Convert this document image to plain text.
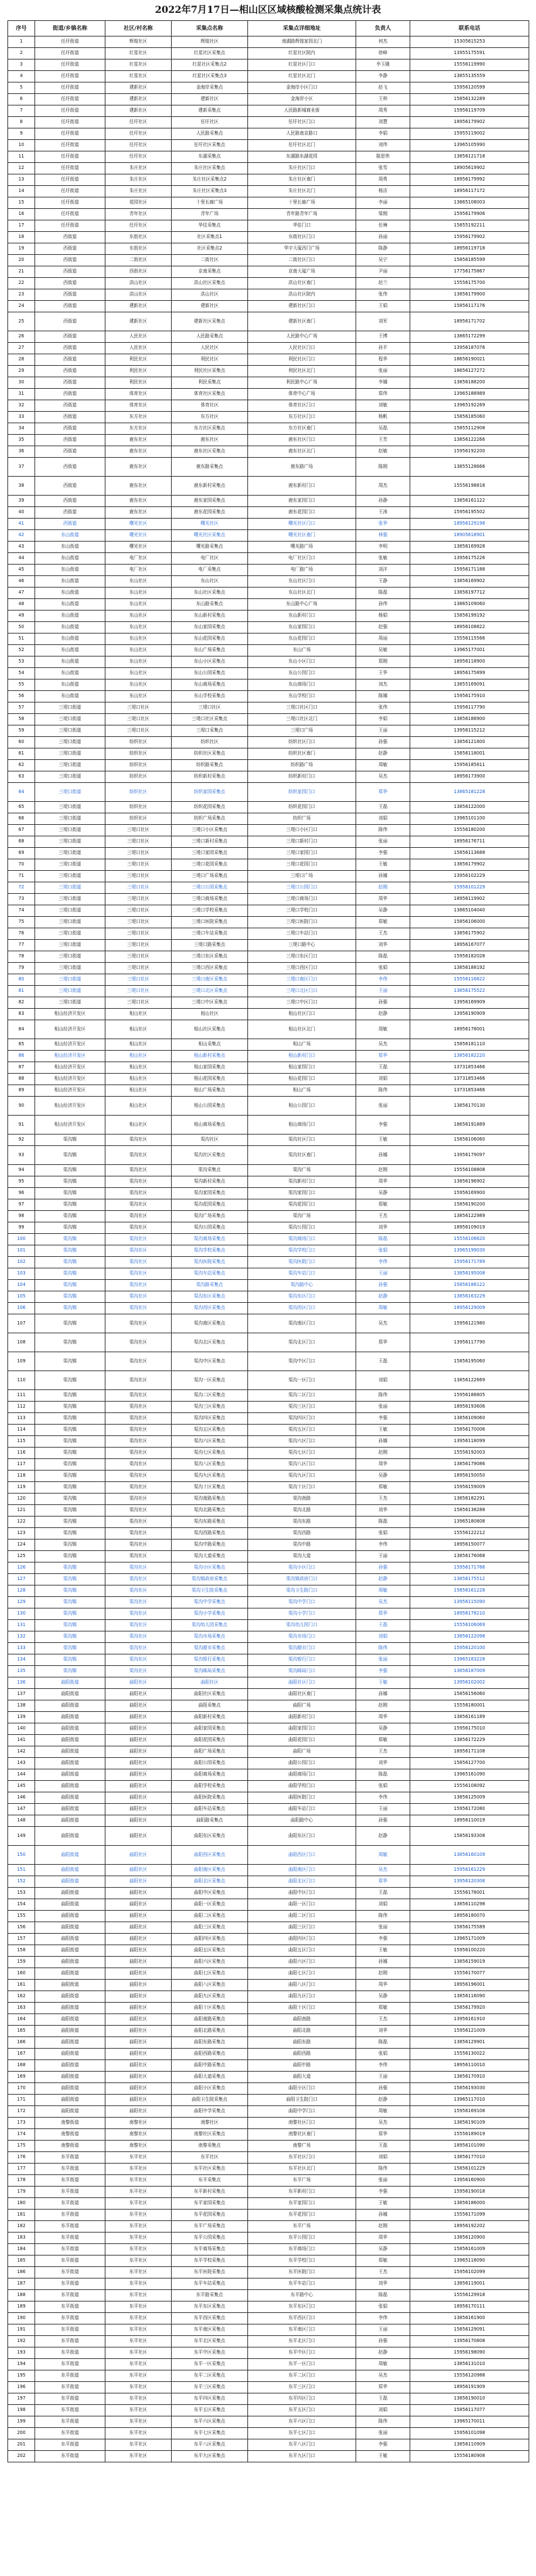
2022年7月17日—相山区区域核酸检测采集点统计表
序号	街道/乡镇名称	社区/村名称	采集点名称	采集点详细地址	负责人	联系电话
1	任圩街道	辉煌社区	辉煌社区	南湖路辉煌家园北门	何杰	15305615253
2	任圩街道	红星社区	红星社区采集点	红星社区院内	徐峰	13955175591
3	任圩街道	红星社区	红星社区采集点2	红星社区门口	李玉娥	15556119990
4	任圩街道	红星社区	红星社区采集点3	红星社区北门	李静	13855135559
5	任圩街道	建新社区	金海岸采集点	金海岸小区门口	赵飞	15956120599
6	任圩街道	建新社区	建新社区	金海岸小区	王帅	15856132289
7	任圩街道	建新社区	建新采集点	人民路新城商业街	周秀	15956119709
8	任圩街道	任圩社区	任圩社区	任圩社区门口	刘慧	18956179902
9	任圩街道	任圩社区	人民路采集点	人民路南京路口	李娟	15955119002
10	任圩街道	任圩社区	任圩社区采集点	任圩社区北门	刘伟	13965105990
11	任圩街道	任圩社区	东湖采集点	东湖路东湖花园	陈思伟	13856121718
12	任圩街道	朱庄社区	朱庄社区采集点	朱庄社区门口	张雪	18905619902
13	任圩街道	朱庄社区	朱庄社区采集点2	朱庄社区南门	周勇	18956179992
14	任圩街道	朱庄社区	朱庄社区采集点3	朱庄社区北门	杨洁	18956117172
15	任圩街道	花园社区	十里长廊广场	十里长廊广场	李丽	13865108003
16	任圩街道	青年社区	青年广场	青年路青年广场	梁刚	15956179906
17	任圩街道	任圩社区	华佳采集点	华佳门口	任琳	15855192211
18	西街道	东街社区	社区采集点1	东街社区门口	孙丽	15956179902
19	西街道	东街社区	社区采集点2	华宇大厦西门广场	陈静	18956119718
20	西街道	二街社区	二街社区	二街社区门口	吴宁	15856185599
21	西街道	西街社区	京南采集点	京南大厦广场	尹丽	17756175867
22	西街道	洪山社区	洪山社区采集点	洪山社区南门	赵兰	15556175700
23	西街道	洪山社区	洪山社区	洪山社区院内	张伟	13856179900
24	西街道	建新社区	建新社区	建新社区门口	王娟	15856117176
25	西街道	建新社区	建新社区采集点	建新社区南门	刘军	18956171702
26	西街道	人民社区	人民路采集点	人民路中心广场	王博	13865172299
27	西街道	人民社区	人民社区	人民社区门口	孙平	13956187076
28	西街道	利民社区	利民社区	利民社区门口	程华	18656190021
29	西街道	利民社区	利民社区采集点	利民社区北门	张丽	18656127272
30	西街道	利民社区	利民采集点	利民路中心广场	李娜	13856188200
31	西街道	体育社区	体育社区采集点	体育中心广场	郑伟	13965188989
32	西街道	体育社区	体育社区	体育社区门口	刘敏	13965192269
33	西街道	东方社区	东方社区	东方社区门口	杨帆	15856185060
34	西街道	东方社区	东方社区采集点	东方社区南门	吴磊	15855112908
35	西街道	鹿东社区	鹿东社区	鹿东社区门口	王芳	13856122266
36	西街道	鹿东社区	鹿东社区采集点	鹿东社区北门	赵敏	15956192200
37	西街道	鹿东社区	鹿东路采集点	鹿东路广场	陈刚	13855128666
38	西街道	鹿东社区	鹿东新村采集点	鹿东新村门口	周杰	15556198818
39	西街道	鹿东社区	鹿东家园采集点	鹿东家园门口	孙静	13856161122
40	西街道	鹿东社区	鹿东花园采集点	鹿东花园门口	王涛	15956195502
41	西街道	曙光社区	曙光社区	曙光社区门口	张华	18956129198
42	东山街道	曙光社区	曙光社区采集点	曙光社区南门	林强	18905618901
43	东山街道	曙光社区	曙光路采集点	曙光路广场	李明	13856169928
44	东山街道	电厂社区	电厂社区	电厂社区门口	张敏	13956175226
45	东山街道	电厂社区	电厂采集点	电厂路广场	刘洋	15956171188
46	东山街道	东山社区	东山社区	东山社区门口	王静	13856169902
47	东山街道	东山社区	东山社区采集点	东山社区北门	陈磊	13856197712
48	东山街道	东山社区	东山路采集点	东山路中心广场	孙伟	13865109060
49	东山街道	东山社区	东山新村采集点	东山新村门口	杨娟	15856199192
50	东山街道	东山社区	东山家园采集点	东山家园门口	赵强	18956108822
51	东山街道	东山社区	东山花园采集点	东山花园门口	周丽	15556115566
52	东山街道	东山社区	东山广场采集点	东山广场	吴敏	13965177001
53	东山街道	东山社区	东山小区采集点	东山小区门口	郑刚	18956118900
54	东山街道	东山社区	东山公园采集点	东山公园门口	王华	18956175899
55	东山街道	东山社区	东山商场采集点	东山商场门口	刘杰	13855169091
56	东山街道	东山社区	东山学校采集点	东山学校门口	陈娜	15956175910
57	三堤口街道	三堤口社区	三堤口社区	三堤口社区门口	张伟	15956117790
58	三堤口街道	三堤口社区	三堤口社区采集点	三堤口社区北门	李娟	13856188900
59	三堤口街道	三堤口社区	三堤口采集点	三堤口广场	王丽	13956115212
60	三堤口街道	纺织社区	纺织社区	纺织社区门口	孙强	13856121800
61	三堤口街道	纺织社区	纺织社区采集点	纺织社区南门	赵静	15856118001
62	三堤口街道	纺织社区	纺织路采集点	纺织路广场	周敏	15956185811
63	三堤口街道	纺织社区	纺织新村采集点	纺织新村门口	吴杰	18956173900
64	三堤口街道	纺织社区	纺织家园采集点	纺织家园门口	郑华	13865181228
65	三堤口街道	纺织社区	纺织花园采集点	纺织花园门口	王磊	13856122000
66	三堤口街道	纺织社区	纺织广场采集点	纺织广场	刘娟	13965101100
67	三堤口街道	三堤口社区	三堤口小区采集点	三堤口小区门口	陈伟	15556180200
68	三堤口街道	三堤口社区	三堤口新村采集点	三堤口新村门口	张丽	18956176711
69	三堤口街道	三堤口社区	三堤口家园采集点	三堤口家园门口	李强	15856113688
70	三堤口街道	三堤口社区	三堤口花园采集点	三堤口花园门口	王敏	13856179902
71	三堤口街道	三堤口社区	三堤口广场采集点	三堤口广场	孙娜	13956102229
72	三堤口街道	三堤口社区	三堤口公园采集点	三堤口公园门口	赵刚	15956101229
73	三堤口街道	三堤口社区	三堤口商场采集点	三堤口商场门口	周华	18956119902
74	三堤口街道	三堤口社区	三堤口学校采集点	三堤口学校门口	吴静	13865104040
75	三堤口街道	三堤口社区	三堤口医院采集点	三堤口医院门口	郑敏	15856106000
76	三堤口街道	三堤口社区	三堤口车站采集点	三堤口车站门口	王杰	13856175902
77	三堤口街道	三堤口社区	三堤口路采集点	三堤口路中心	刘华	18956167077
78	三堤口街道	三堤口社区	三堤口东区采集点	三堤口东区门口	陈磊	15956182028
79	三堤口街道	三堤口社区	三堤口西区采集点	三堤口西区门口	张娟	13856188192
80	三堤口街道	三堤口社区	三堤口南区采集点	三堤口南区门口	李伟	15556116622
81	三堤口街道	三堤口社区	三堤口北区采集点	三堤口北区门口	王丽	13856175522
82	三堤口街道	三堤口社区	三堤口中区采集点	三堤口中区门口	孙强	13956169909
83	相山经济开发区	相山社区	相山社区	相山社区门口	赵静	13956190909
84	相山经济开发区	相山社区	相山社区采集点	相山社区北门	周敏	18956178001
85	相山经济开发区	相山社区	相山采集点	相山广场	吴杰	15856181110
86	相山经济开发区	相山社区	相山新村采集点	相山新村门口	郑华	13856182220
87	相山经济开发区	相山社区	相山家园采集点	相山家园门口	王磊	13731853466
88	相山经济开发区	相山社区	相山花园采集点	相山花园门口	刘娟	13731853466
89	相山经济开发区	相山社区	相山广场采集点	相山广场	陈伟	13731853466
90	相山经济开发区	相山社区	相山公园采集点	相山公园门口	张丽	13856170130
91	相山经济开发区	相山社区	相山商场采集点	相山商场门口	李强	18656191889
92	渠沟镇	渠沟社区	渠沟社区	渠沟社区门口	王敏	15856106060
93	渠沟镇	渠沟社区	渠沟社区采集点	渠沟社区南门	孙娜	13956179097
94	渠沟镇	渠沟社区	渠沟采集点	渠沟广场	赵刚	15556108808
95	渠沟镇	渠沟社区	渠沟新村采集点	渠沟新村门口	周华	13856196902
96	渠沟镇	渠沟社区	渠沟家园采集点	渠沟家园门口	吴静	15956169900
97	渠沟镇	渠沟社区	渠沟花园采集点	渠沟花园门口	郑敏	15856190200
98	渠沟镇	渠沟社区	渠沟广场采集点	渠沟广场	王杰	13856122989
99	渠沟镇	渠沟社区	渠沟公园采集点	渠沟公园门口	刘华	18956109019
100	渠沟镇	渠沟社区	渠沟商场采集点	渠沟商场门口	陈磊	15556106620
101	渠沟镇	渠沟社区	渠沟学校采集点	渠沟学校门口	张娟	13965199030
102	渠沟镇	渠沟社区	渠沟医院采集点	渠沟医院门口	李伟	15956171789
103	渠沟镇	渠沟社区	渠沟车站采集点	渠沟车站门口	王丽	13856195008
104	渠沟镇	渠沟社区	渠沟路采集点	渠沟路中心	孙强	15856188122
105	渠沟镇	渠沟社区	渠沟东区采集点	渠沟东区门口	赵静	13856163229
106	渠沟镇	渠沟社区	渠沟西区采集点	渠沟西区门口	周敏	18956129009
107	渠沟镇	渠沟社区	渠沟南区采集点	渠沟南区门口	吴杰	15956121980
108	渠沟镇	渠沟社区	渠沟北区采集点	渠沟北区门口	郑华	13956117790
109	渠沟镇	渠沟社区	渠沟中区采集点	渠沟中区门口	王磊	15856195060
110	渠沟镇	渠沟社区	渠沟一区采集点	渠沟一区门口	刘娟	13856122669
111	渠沟镇	渠沟社区	渠沟二区采集点	渠沟二区门口	陈伟	15956188805
112	渠沟镇	渠沟社区	渠沟三区采集点	渠沟三区门口	张丽	18956193606
113	渠沟镇	渠沟社区	渠沟四区采集点	渠沟四区门口	李强	13856109060
114	渠沟镇	渠沟社区	渠沟五区采集点	渠沟五区门口	王敏	15856170006
115	渠沟镇	渠沟社区	渠沟六区采集点	渠沟六区门口	孙娜	13956118099
116	渠沟镇	渠沟社区	渠沟七区采集点	渠沟七区门口	赵刚	15556192003
117	渠沟镇	渠沟社区	渠沟八区采集点	渠沟八区门口	周华	13856179086
118	渠沟镇	渠沟社区	渠沟九区采集点	渠沟九区门口	吴静	18956150050
119	渠沟镇	渠沟社区	渠沟十区采集点	渠沟十区门口	郑敏	15956159009
120	渠沟镇	渠沟社区	渠沟南路采集点	渠沟南路	王杰	13856182291
121	渠沟镇	渠沟社区	渠沟北路采集点	渠沟北路	刘华	15856138288
122	渠沟镇	渠沟社区	渠沟东路采集点	渠沟东路	陈磊	13965180808
123	渠沟镇	渠沟社区	渠沟西路采集点	渠沟西路	张娟	15556122212
124	渠沟镇	渠沟社区	渠沟中路采集点	渠沟中路	李伟	18956150077
125	渠沟镇	渠沟社区	渠沟大道采集点	渠沟大道	王丽	13856176068
126	渠沟镇	渠沟社区	渠沟小区采集点	渠沟小区门口	孙强	15956171766
127	渠沟镇	渠沟社区	渠沟镇政府采集点	渠沟镇政府门口	赵静	13856175512
128	渠沟镇	渠沟社区	渠沟卫生院采集点	渠沟卫生院门口	周敏	15856161228
129	渠沟镇	渠沟社区	渠沟中学采集点	渠沟中学门口	吴杰	13956115090
130	渠沟镇	渠沟社区	渠沟小学采集点	渠沟小学门口	郑华	18956178210
131	渠沟镇	渠沟社区	渠沟幼儿园采集点	渠沟幼儿园门口	王磊	15556106069
132	渠沟镇	渠沟社区	渠沟市场采集点	渠沟市场门口	刘娟	13856122098
133	渠沟镇	渠沟社区	渠沟超市采集点	渠沟超市门口	陈伟	15956120100
134	渠沟镇	渠沟社区	渠沟银行采集点	渠沟银行门口	张丽	13965183228
135	渠沟镇	渠沟社区	渠沟邮局采集点	渠沟邮局门口	李强	13856187009
136	曲阳街道	曲阳社区	曲阳社区	曲阳社区门口	王敏	13956102002
137	曲阳街道	曲阳社区	曲阳社区采集点	曲阳社区南门	孙娜	15856156060
138	曲阳街道	曲阳社区	曲阳采集点	曲阳广场	赵刚	15556180001
139	曲阳街道	曲阳社区	曲阳新村采集点	曲阳新村门口	周华	13856161189
140	曲阳街道	曲阳社区	曲阳家园采集点	曲阳家园门口	吴静	15956175010
141	曲阳街道	曲阳社区	曲阳花园采集点	曲阳花园门口	郑敏	13856172229
142	曲阳街道	曲阳社区	曲阳广场采集点	曲阳广场	王杰	18956171108
143	曲阳街道	曲阳社区	曲阳公园采集点	曲阳公园门口	刘华	15856127700
144	曲阳街道	曲阳社区	曲阳商场采集点	曲阳商场门口	陈磊	13965161090
145	曲阳街道	曲阳社区	曲阳学校采集点	曲阳学校门口	张娟	15556108092
146	曲阳街道	曲阳社区	曲阳医院采集点	曲阳医院门口	李伟	13856125009
147	曲阳街道	曲阳社区	曲阳车站采集点	曲阳车站门口	王丽	15956172080
148	曲阳街道	曲阳社区	曲阳路采集点	曲阳路中心	孙强	18956110019
149	曲阳街道	曲阳社区	曲阳东区采集点	曲阳东区门口	赵静	15856193308
150	曲阳街道	曲阳社区	曲阳西区采集点	曲阳西区门口	周敏	13856160109
151	曲阳街道	曲阳社区	曲阳南区采集点	曲阳南区门口	吴杰	15956161229
152	曲阳街道	曲阳社区	曲阳北区采集点	曲阳北区门口	郑华	13956120306
153	曲阳街道	曲阳社区	曲阳中区采集点	曲阳中区门口	王磊	15556178001
154	曲阳街道	曲阳社区	曲阳一区采集点	曲阳一区门口	刘娟	13856110298
155	曲阳街道	曲阳社区	曲阳二区采集点	曲阳二区门口	陈伟	18956180070
156	曲阳街道	曲阳社区	曲阳三区采集点	曲阳三区门口	张丽	15856175589
157	曲阳街道	曲阳社区	曲阳四区采集点	曲阳四区门口	李强	13965171009
158	曲阳街道	曲阳社区	曲阳五区采集点	曲阳五区门口	王敏	15956100220
159	曲阳街道	曲阳社区	曲阳六区采集点	曲阳六区门口	孙娜	13856159019
160	曲阳街道	曲阳社区	曲阳七区采集点	曲阳七区门口	赵刚	15556170077
161	曲阳街道	曲阳社区	曲阳八区采集点	曲阳八区门口	周华	18956196001
162	曲阳街道	曲阳社区	曲阳九区采集点	曲阳九区门口	吴静	13856116090
163	曲阳街道	曲阳社区	曲阳十区采集点	曲阳十区门口	郑敏	15856179920
164	曲阳街道	曲阳社区	曲阳南路采集点	曲阳南路	王杰	13956161910
165	曲阳街道	曲阳社区	曲阳北路采集点	曲阳北路	刘华	15956121009
166	曲阳街道	曲阳社区	曲阳东路采集点	曲阳东路	陈磊	13856129901
167	曲阳街道	曲阳社区	曲阳西路采集点	曲阳西路	张娟	15556130022
168	曲阳街道	曲阳社区	曲阳中路采集点	曲阳中路	李伟	18956110010
169	曲阳街道	曲阳社区	曲阳大道采集点	曲阳大道	王丽	13856170910
170	曲阳街道	曲阳社区	曲阳小区采集点	曲阳小区门口	孙强	15856193030
171	曲阳街道	曲阳社区	曲阳卫生院采集点	曲阳卫生院门口	赵静	13965117010
172	曲阳街道	曲阳社区	曲阳中学采集点	曲阳中学门口	周敏	15956169108
173	南黎街道	南黎社区	南黎社区	南黎社区门口	吴杰	13856190109
174	南黎街道	南黎社区	南黎社区采集点	南黎社区南门	郑华	15556189019
175	南黎街道	南黎社区	南黎采集点	南黎广场	王磊	18956101090
176	东平街道	东平社区	东平社区	东平社区门口	刘娟	13856177010
177	东平街道	东平社区	东平社区采集点	东平社区北门	陈伟	15856101229
178	东平街道	东平社区	东平采集点	东平广场	张丽	13956160900
179	东平街道	东平社区	东平新村采集点	东平新村门口	李强	15956190018
180	东平街道	东平社区	东平家园采集点	东平家园门口	王敏	13856186000
181	东平街道	东平社区	东平花园采集点	东平花园门口	孙娜	15556171099
182	东平街道	东平社区	东平广场采集点	东平广场	赵刚	18956192202
183	东平街道	东平社区	东平公园采集点	东平公园门口	周华	13856120900
184	东平街道	东平社区	东平商场采集点	东平商场门口	吴静	15856161009
185	东平街道	东平社区	东平学校采集点	东平学校门口	郑敏	13965118090
186	东平街道	东平社区	东平医院采集点	东平医院门口	王杰	15956102099
187	东平街道	东平社区	东平车站采集点	东平车站门口	刘华	13856119001
188	东平街道	东平社区	东平路采集点	东平路中心	陈磊	15556129918
189	东平街道	东平社区	东平东区采集点	东平东区门口	张娟	18956170111
190	东平街道	东平社区	东平西区采集点	东平西区门口	李伟	13856161900
191	东平街道	东平社区	东平南区采集点	东平南区门口	王丽	15856129091
192	东平街道	东平社区	东平北区采集点	东平北区门口	孙强	13956170808
193	东平街道	东平社区	东平中区采集点	东平中区门口	赵静	15956198090
194	东平街道	东平社区	东平一区采集点	东平一区门口	周敏	13856131010
195	东平街道	东平社区	东平二区采集点	东平二区门口	吴杰	15556120988
196	东平街道	东平社区	东平三区采集点	东平三区门口	郑华	18956191909
197	东平街道	东平社区	东平四区采集点	东平四区门口	王磊	13856190010
198	东平街道	东平社区	东平五区采集点	东平五区门口	刘娟	15856117077
199	东平街道	东平社区	东平六区采集点	东平六区门口	陈伟	13965170011
200	东平街道	东平社区	东平七区采集点	东平七区门口	张丽	15956101098
201	东平街道	东平社区	东平八区采集点	东平八区门口	李强	13856110909
202	东平街道	东平社区	东平九区采集点	东平九区门口	王敏	15556180908
